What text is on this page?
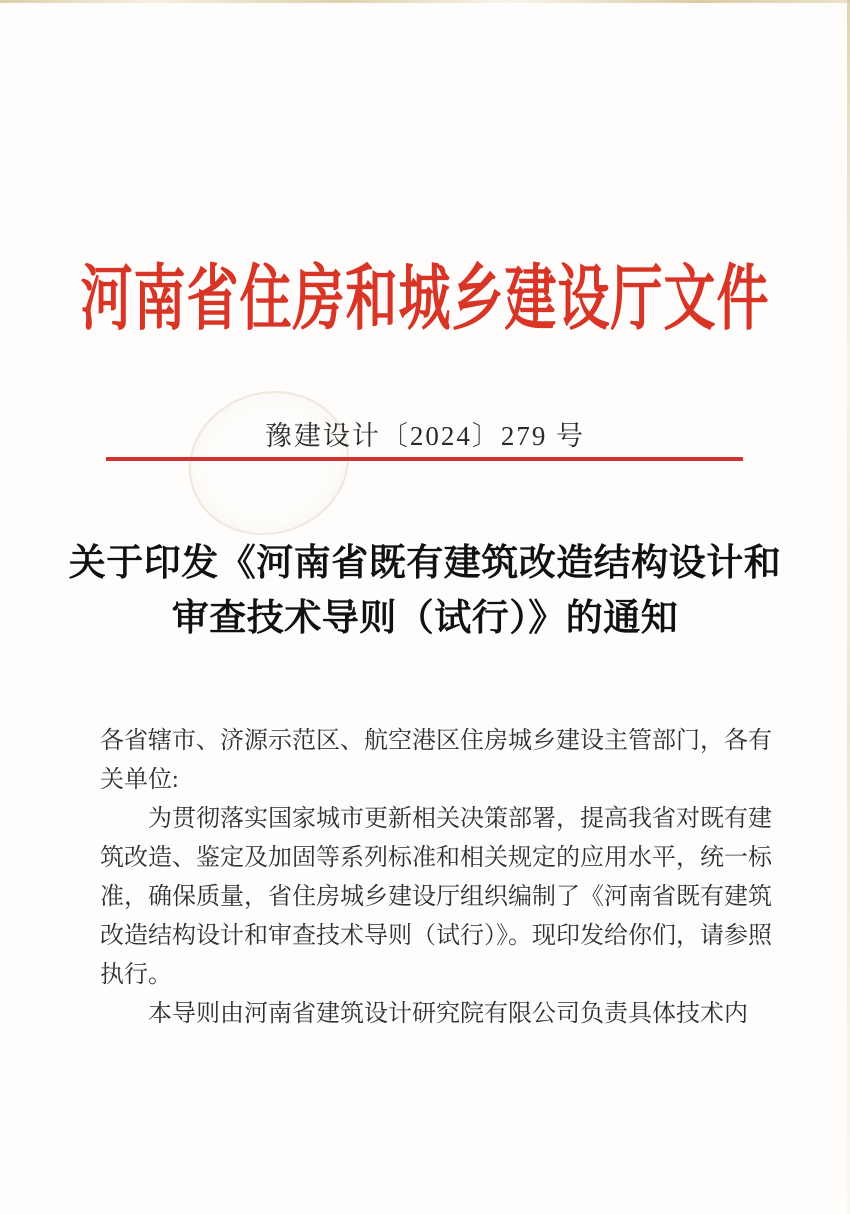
河南省住房和城乡建设厅文件
豫建设计〔2024〕279 号
关于印发《河南省既有建筑改造结构设计和
审查技术导则（试行）》的通知
各省辖市、济源示范区、航空港区住房城乡建设主管部门，各有
关单位:
为贯彻落实国家城市更新相关决策部署，提高我省对既有建
筑改造、鉴定及加固等系列标准和相关规定的应用水平，统一标
准，确保质量，省住房城乡建设厅组织编制了《河南省既有建筑
改造结构设计和审查技术导则（试行）》。现印发给你们，请参照
执行。
本导则由河南省建筑设计研究院有限公司负责具体技术内
